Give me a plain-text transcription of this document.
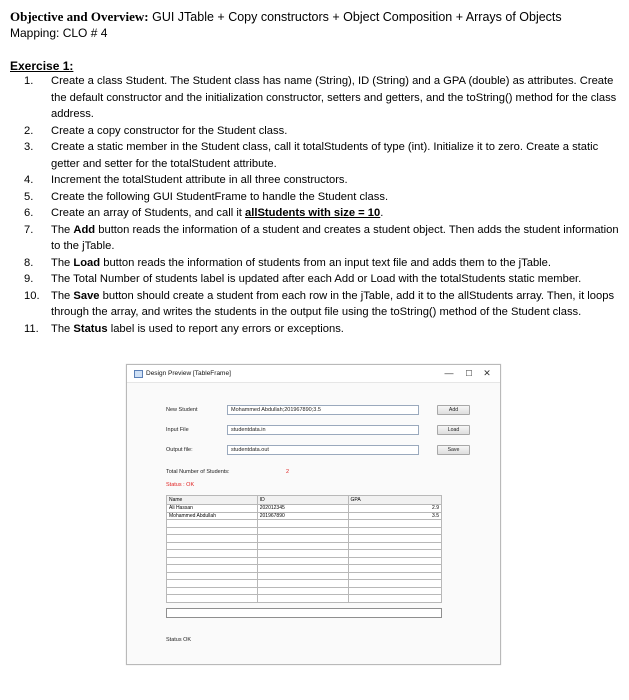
Objective and Overview: GUI JTable + Copy constructors + Object Composition + Arrays of Objects
Mapping: CLO # 4
Exercise 1:
1.	Create a class Student. The Student class has name (String), ID (String) and a GPA (double) as attributes. Create the default constructor and the initialization constructor, setters and getters, and the toString() method for the class address.
2.	Create a copy constructor for the Student class.
3.	Create a static member in the Student class, call it totalStudents of type (int). Initialize it to zero. Create a static getter and setter for the totalStudent attribute.
4.	Increment the totalStudent attribute in all three constructors.
5.	Create the following GUI StudentFrame to handle the Student class.
6.	Create an array of Students, and call it allStudents with size = 10.
7.	The Add button reads the information of a student and creates a student object. Then adds the student information to the jTable.
8.	The Load button reads the information of students from an input text file and adds them to the jTable.
9.	The Total Number of students label is updated after each Add or Load with the totalStudents static member.
10.	The Save button should create a student from each row in the jTable, add it to the allStudents array. Then, it loops through the array, and writes the students in the output file using the toString() method of the Student class.
11.	The Status label is used to report any errors or exceptions.
Design Preview [TableFrame]	—	☐	✕
New Student	Mohammed Abdullah;201967890;3.5	Add
Input File	studentdata.in	Load
Output file:	studentdata.out	Save
Total Number of Students:	2
Status : OK
Name	ID	GPA
Ali Hassan	202012345	2.9
Mohammed Abdullah	201967890	3.5

Status OK
